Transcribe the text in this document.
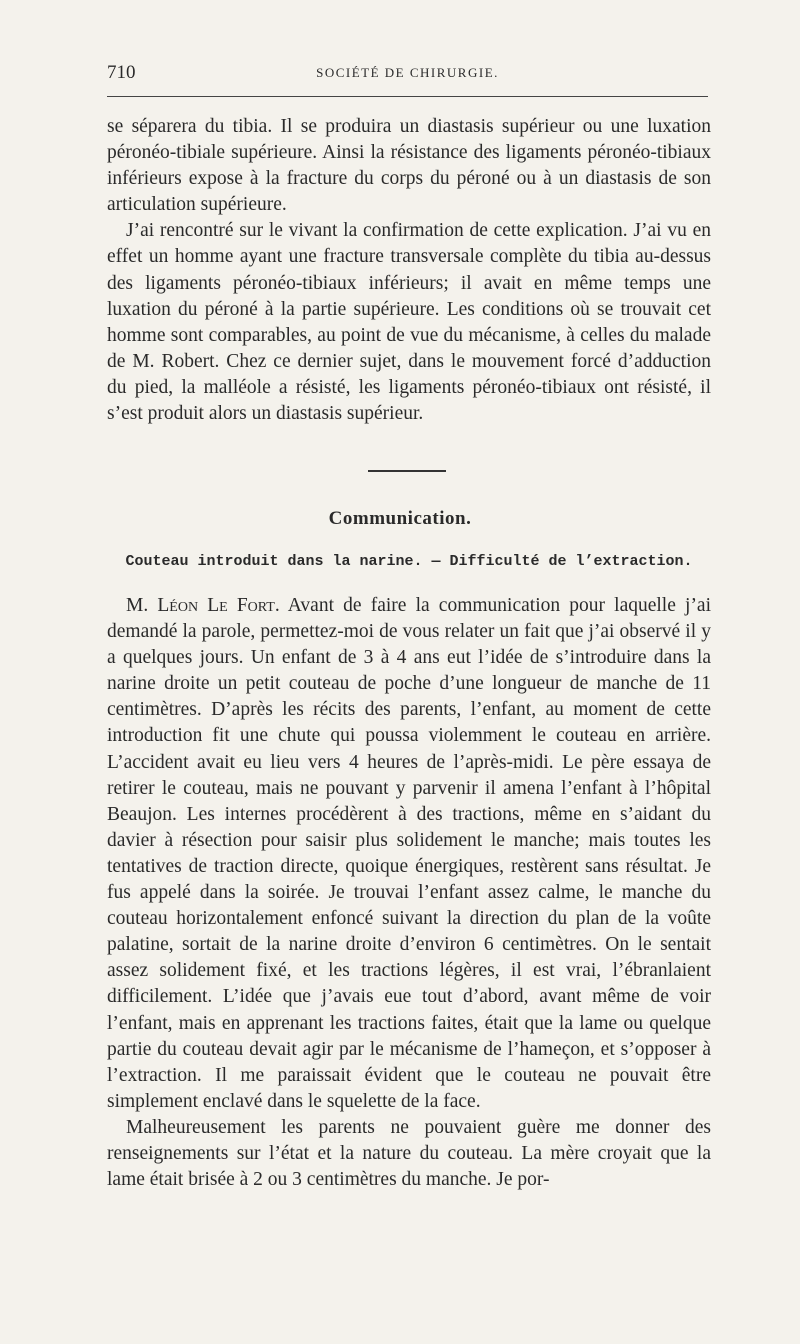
710	SOCIÉTÉ DE CHIRURGIE.

se séparera du tibia. Il se produira un diastasis supérieur ou une luxation péronéo-tibiale supérieure. Ainsi la résistance des ligaments péronéo-tibiaux inférieurs expose à la fracture du corps du péroné ou à un diastasis de son articulation supérieure.

J’ai rencontré sur le vivant la confirmation de cette explication. J’ai vu en effet un homme ayant une fracture transversale complète du tibia au-dessus des ligaments péronéo-tibiaux inférieurs; il avait en même temps une luxation du péroné à la partie supérieure. Les conditions où se trouvait cet homme sont comparables, au point de vue du mécanisme, à celles du malade de M. Robert. Chez ce dernier sujet, dans le mouvement forcé d’adduction du pied, la malléole a résisté, les ligaments péronéo-tibiaux ont résisté, il s’est produit alors un diastasis supérieur.

Communication.
Couteau introduit dans la narine. — Difficulté de l’extraction.

M. Léon Le Fort. Avant de faire la communication pour laquelle j’ai demandé la parole, permettez-moi de vous relater un fait que j’ai observé il y a quelques jours. Un enfant de 3 à 4 ans eut l’idée de s’introduire dans la narine droite un petit couteau de poche d’une longueur de manche de 11 centimètres. D’après les récits des parents, l’enfant, au moment de cette introduction fit une chute qui poussa violemment le couteau en arrière. L’accident avait eu lieu vers 4 heures de l’après-midi. Le père essaya de retirer le couteau, mais ne pouvant y parvenir il amena l’enfant à l’hôpital Beaujon. Les internes procédèrent à des tractions, même en s’aidant du davier à résection pour saisir plus solidement le manche; mais toutes les tentatives de traction directe, quoique énergiques, restèrent sans résultat. Je fus appelé dans la soirée. Je trouvai l’enfant assez calme, le manche du couteau horizontalement enfoncé suivant la direction du plan de la voûte palatine, sortait de la narine droite d’environ 6 centimètres. On le sentait assez solidement fixé, et les tractions légères, il est vrai, l’ébranlaient difficilement. L’idée que j’avais eue tout d’abord, avant même de voir l’enfant, mais en apprenant les tractions faites, était que la lame ou quelque partie du couteau devait agir par le mécanisme de l’hameçon, et s’opposer à l’extraction. Il me paraissait évident que le couteau ne pouvait être simplement enclavé dans le squelette de la face.

Malheureusement les parents ne pouvaient guère me donner des renseignements sur l’état et la nature du couteau. La mère croyait que la lame était brisée à 2 ou 3 centimètres du manche. Je por-
